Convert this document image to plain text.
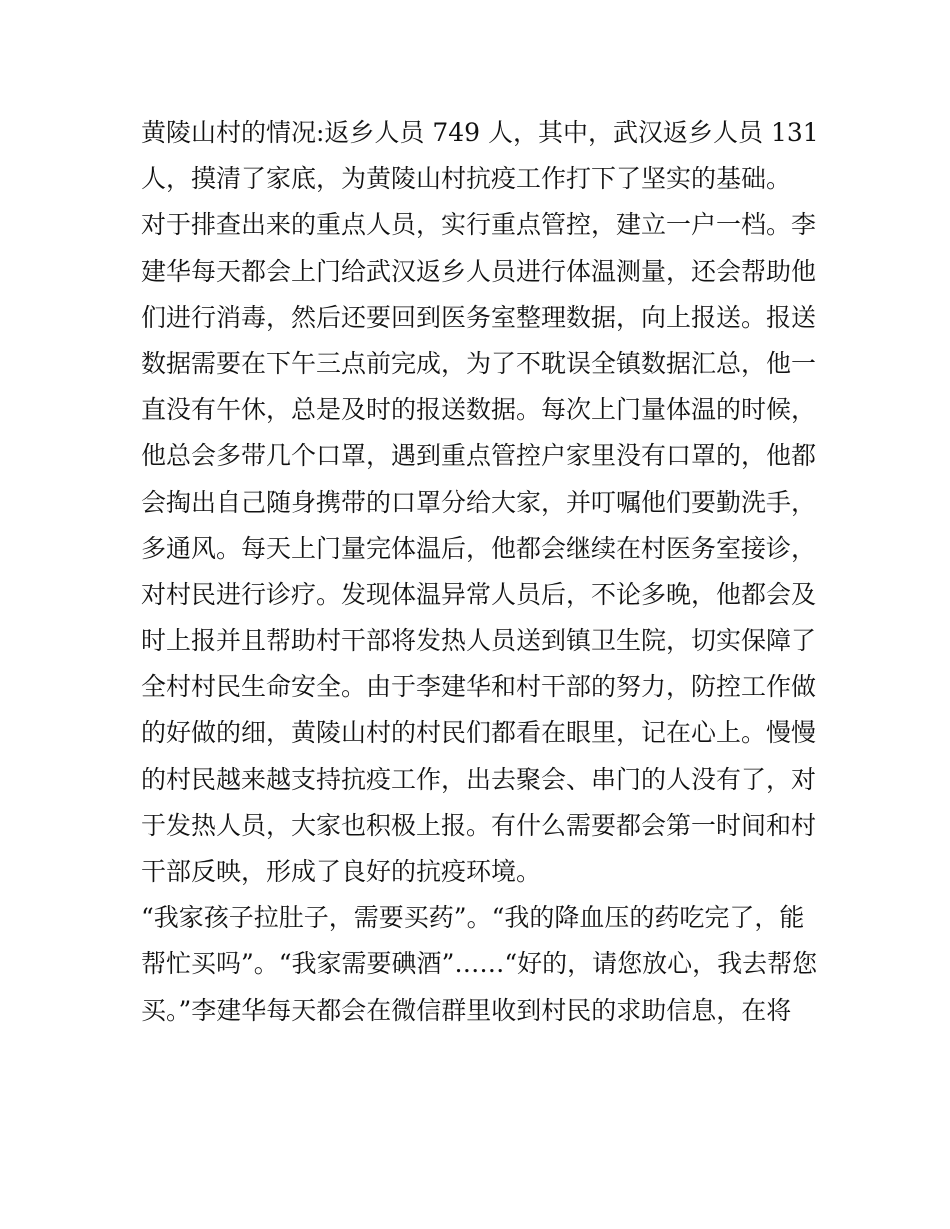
黄陵山村的情况:返乡人员 749 人，其中，武汉返乡人员 131

人，摸清了家底，为黄陵山村抗疫工作打下了坚实的基础。

对于排查出来的重点人员，实行重点管控，建立一户一档。李

建华每天都会上门给武汉返乡人员进行体温测量，还会帮助他

们进行消毒，然后还要回到医务室整理数据，向上报送。报送

数据需要在下午三点前完成，为了不耽误全镇数据汇总，他一

直没有午休，总是及时的报送数据。每次上门量体温的时候，

他总会多带几个口罩，遇到重点管控户家里没有口罩的，他都

会掏出自己随身携带的口罩分给大家，并叮嘱他们要勤洗手，

多通风。每天上门量完体温后，他都会继续在村医务室接诊，

对村民进行诊疗。发现体温异常人员后，不论多晚，他都会及

时上报并且帮助村干部将发热人员送到镇卫生院，切实保障了

全村村民生命安全。由于李建华和村干部的努力，防控工作做

的好做的细，黄陵山村的村民们都看在眼里，记在心上。慢慢

的村民越来越支持抗疫工作，出去聚会、串门的人没有了，对

于发热人员，大家也积极上报。有什么需要都会第一时间和村

干部反映，形成了良好的抗疫环境。

“我家孩子拉肚子，需要买药”。“我的降血压的药吃完了，能

帮忙买吗”。“我家需要碘酒”……“好的，请您放心，我去帮您

买。”李建华每天都会在微信群里收到村民的求助信息，在将
